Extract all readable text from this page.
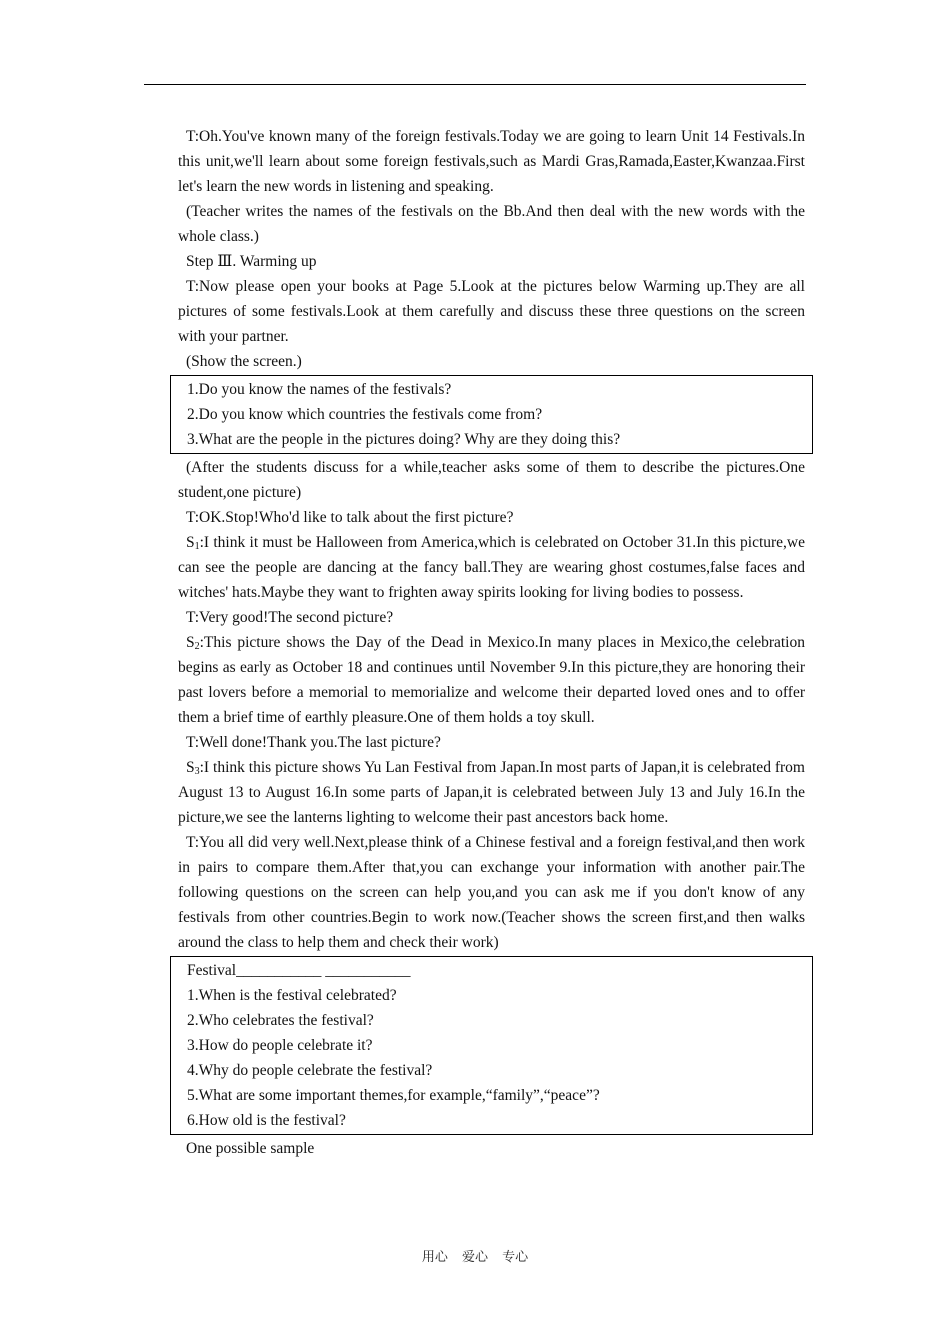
T:Oh.You've known many of the foreign festivals.Today we are going to learn Unit 14 Festivals.In this unit,we'll learn about some foreign festivals,such as Mardi Gras,Ramada,Easter,Kwanzaa.First let's learn the new words in listening and speaking.

(Teacher writes the names of the festivals on the Bb.And then deal with the new words with the whole class.)

Step Ⅲ. Warming up

T:Now please open your books at Page 5.Look at the pictures below Warming up.They are all pictures of some festivals.Look at them carefully and discuss these three questions on the screen with your partner.

(Show the screen.)

1.Do you know the names of the festivals?

2.Do you know which countries the festivals come from?

3.What are the people in the pictures doing? Why are they doing this?

(After the students discuss for a while,teacher asks some of them to describe the pictures.One student,one picture)

T:OK.Stop!Who'd like to talk about the first picture?

$S_1:I$ think it must be Halloween from America,which is celebrated on October 31.In this picture,we can see the people are dancing at the fancy ball.They are wearing ghost costumes,false faces and witches' hats.Maybe they want to frighten away spirits looking for living bodies to possess.

T:Very good!The second picture?

$S_2:This$ picture shows the Day of the Dead in Mexico.In many places in Mexico,the celebration begins as early as October 18 and continues until November 9.In this picture,they are honoring their past lovers before a memorial to memorialize and welcome their departed loved ones and to offer them a brief time of earthly pleasure.One of them holds a toy skull.

T:Well done!Thank you.The last picture?

$S_3:I$ think this picture shows Yu Lan Festival from Japan.In most parts of Japan,it is celebrated from August 13 to August 16.In some parts of Japan,it is celebrated between July 13 and July 16.In the picture,we see the lanterns lighting to welcome their past ancestors back home.

T:You all did very well.Next,please think of a Chinese festival and a foreign festival,and then work in pairs to compare them.After that,you can exchange your information with another pair.The following questions on the screen can help you,and you can ask me if you don't know of any festivals from other countries.Begin to work now.(Teacher shows the screen first,and then walks around the class to help them and check their work)

Festival___________ ___________

1.When is the festival celebrated?

2.Who celebrates the festival?

3.How do people celebrate it?

4.Why do people celebrate the festival?

5.What are some important themes,for example,“family”,“peace”?

6.How old is the festival?

One possible sample

用心 爱心 专心
